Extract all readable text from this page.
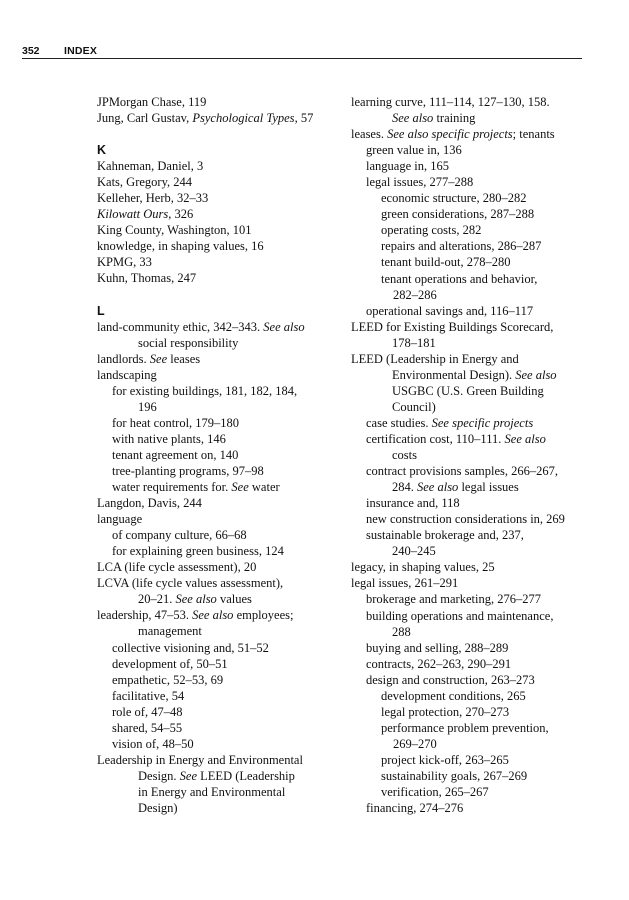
352 INDEX
JPMorgan Chase, 119
Jung, Carl Gustav, Psychological Types, 57
K
Kahneman, Daniel, 3
Kats, Gregory, 244
Kelleher, Herb, 32–33
Kilowatt Ours, 326
King County, Washington, 101
knowledge, in shaping values, 16
KPMG, 33
Kuhn, Thomas, 247
L
land-community ethic, 342–343. See also
social responsibility
landlords. See leases
landscaping
for existing buildings, 181, 182, 184,
196
for heat control, 179–180
with native plants, 146
tenant agreement on, 140
tree-planting programs, 97–98
water requirements for. See water
Langdon, Davis, 244
language
of company culture, 66–68
for explaining green business, 124
LCA (life cycle assessment), 20
LCVA (life cycle values assessment),
20–21. See also values
leadership, 47–53. See also employees;
management
collective visioning and, 51–52
development of, 50–51
empathetic, 52–53, 69
facilitative, 54
role of, 47–48
shared, 54–55
vision of, 48–50
Leadership in Energy and Environmental
Design. See LEED (Leadership
in Energy and Environmental
Design)
learning curve, 111–114, 127–130, 158.
See also training
leases. See also specific projects; tenants
green value in, 136
language in, 165
legal issues, 277–288
economic structure, 280–282
green considerations, 287–288
operating costs, 282
repairs and alterations, 286–287
tenant build-out, 278–280
tenant operations and behavior,
282–286
operational savings and, 116–117
LEED for Existing Buildings Scorecard,
178–181
LEED (Leadership in Energy and
Environmental Design). See also
USGBC (U.S. Green Building
Council)
case studies. See specific projects
certification cost, 110–111. See also
costs
contract provisions samples, 266–267,
284. See also legal issues
insurance and, 118
new construction considerations in, 269
sustainable brokerage and, 237,
240–245
legacy, in shaping values, 25
legal issues, 261–291
brokerage and marketing, 276–277
building operations and maintenance,
288
buying and selling, 288–289
contracts, 262–263, 290–291
design and construction, 263–273
development conditions, 265
legal protection, 270–273
performance problem prevention,
269–270
project kick-off, 263–265
sustainability goals, 267–269
verification, 265–267
financing, 274–276
